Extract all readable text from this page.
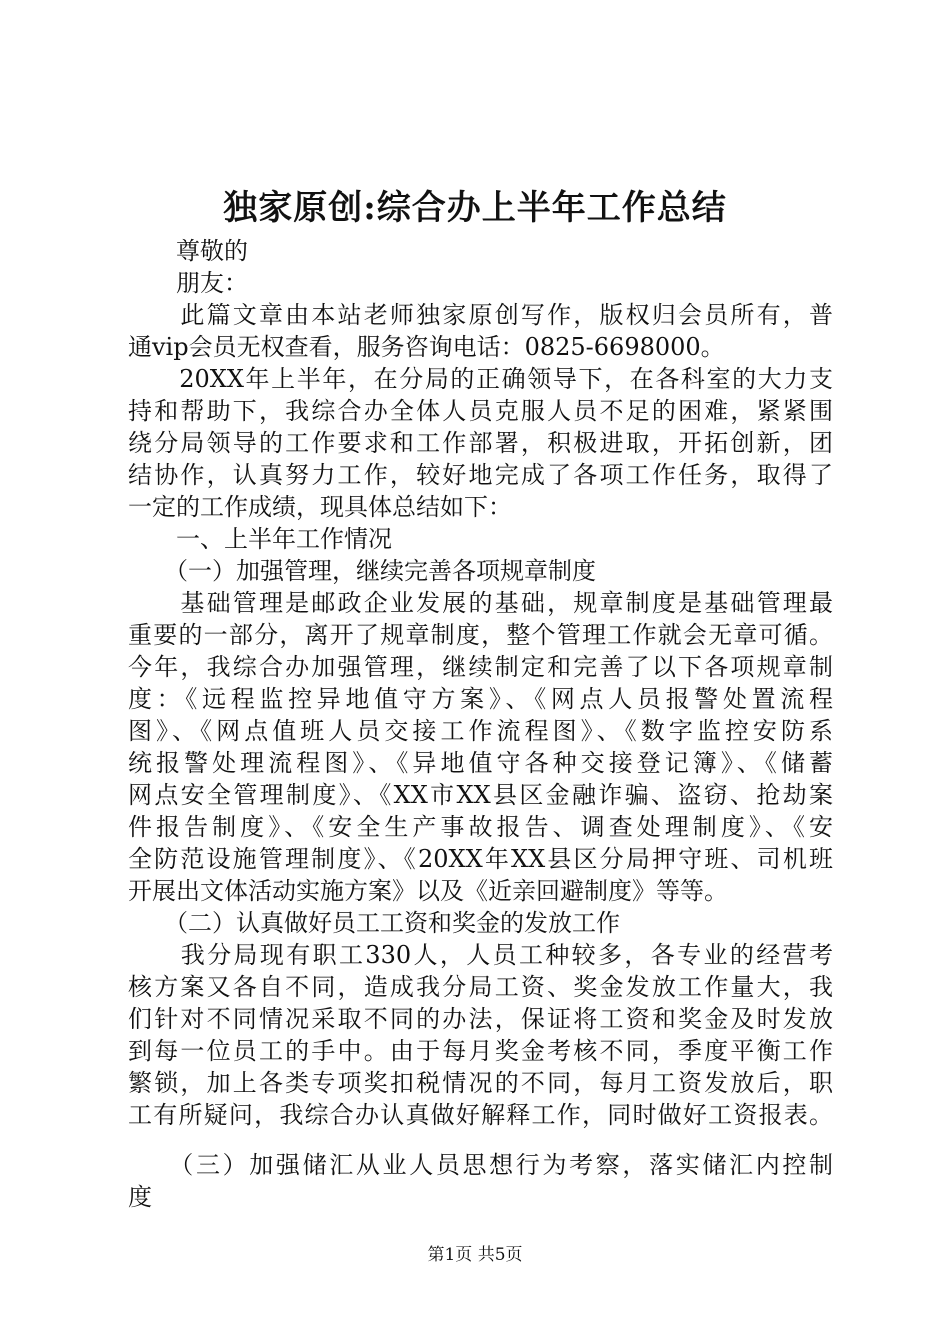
独家原创:综合办上半年工作总结
　　尊敬的
　　朋友：
　　此篇文章由本站老师独家原创写作，版权归会员所有，普
通vip会员无权查看，服务咨询电话：0825-6698000。
　　20XX年上半年，在分局的正确领导下，在各科室的大力支
持和帮助下，我综合办全体人员克服人员不足的困难，紧紧围
绕分局领导的工作要求和工作部署，积极进取，开拓创新，团
结协作，认真努力工作，较好地完成了各项工作任务，取得了
一定的工作成绩，现具体总结如下：
　　一、上半年工作情况
　　（一）加强管理，继续完善各项规章制度
　　基础管理是邮政企业发展的基础，规章制度是基础管理最
重要的一部分，离开了规章制度，整个管理工作就会无章可循。
今年，我综合办加强管理，继续制定和完善了以下各项规章制
度：《远程监控异地值守方案》、《网点人员报警处置流程
图》、《网点值班人员交接工作流程图》、《数字监控安防系
统报警处理流程图》、《异地值守各种交接登记簿》、《储蓄
网点安全管理制度》、《XX市XX县区金融诈骗、盗窃、抢劫案
件报告制度》、《安全生产事故报告、调查处理制度》、《安
全防范设施管理制度》、《20XX年XX县区分局押守班、司机班
开展出文体活动实施方案》以及《近亲回避制度》等等。
　　（二）认真做好员工工资和奖金的发放工作
　　我分局现有职工330人，人员工种较多，各专业的经营考
核方案又各自不同，造成我分局工资、奖金发放工作量大，我
们针对不同情况采取不同的办法，保证将工资和奖金及时发放
到每一位员工的手中。由于每月奖金考核不同，季度平衡工作
繁锁，加上各类专项奖扣税情况的不同，每月工资发放后，职
工有所疑问，我综合办认真做好解释工作，同时做好工资报表。
　　（三）加强储汇从业人员思想行为考察，落实储汇内控制
度
第1页 共5页
